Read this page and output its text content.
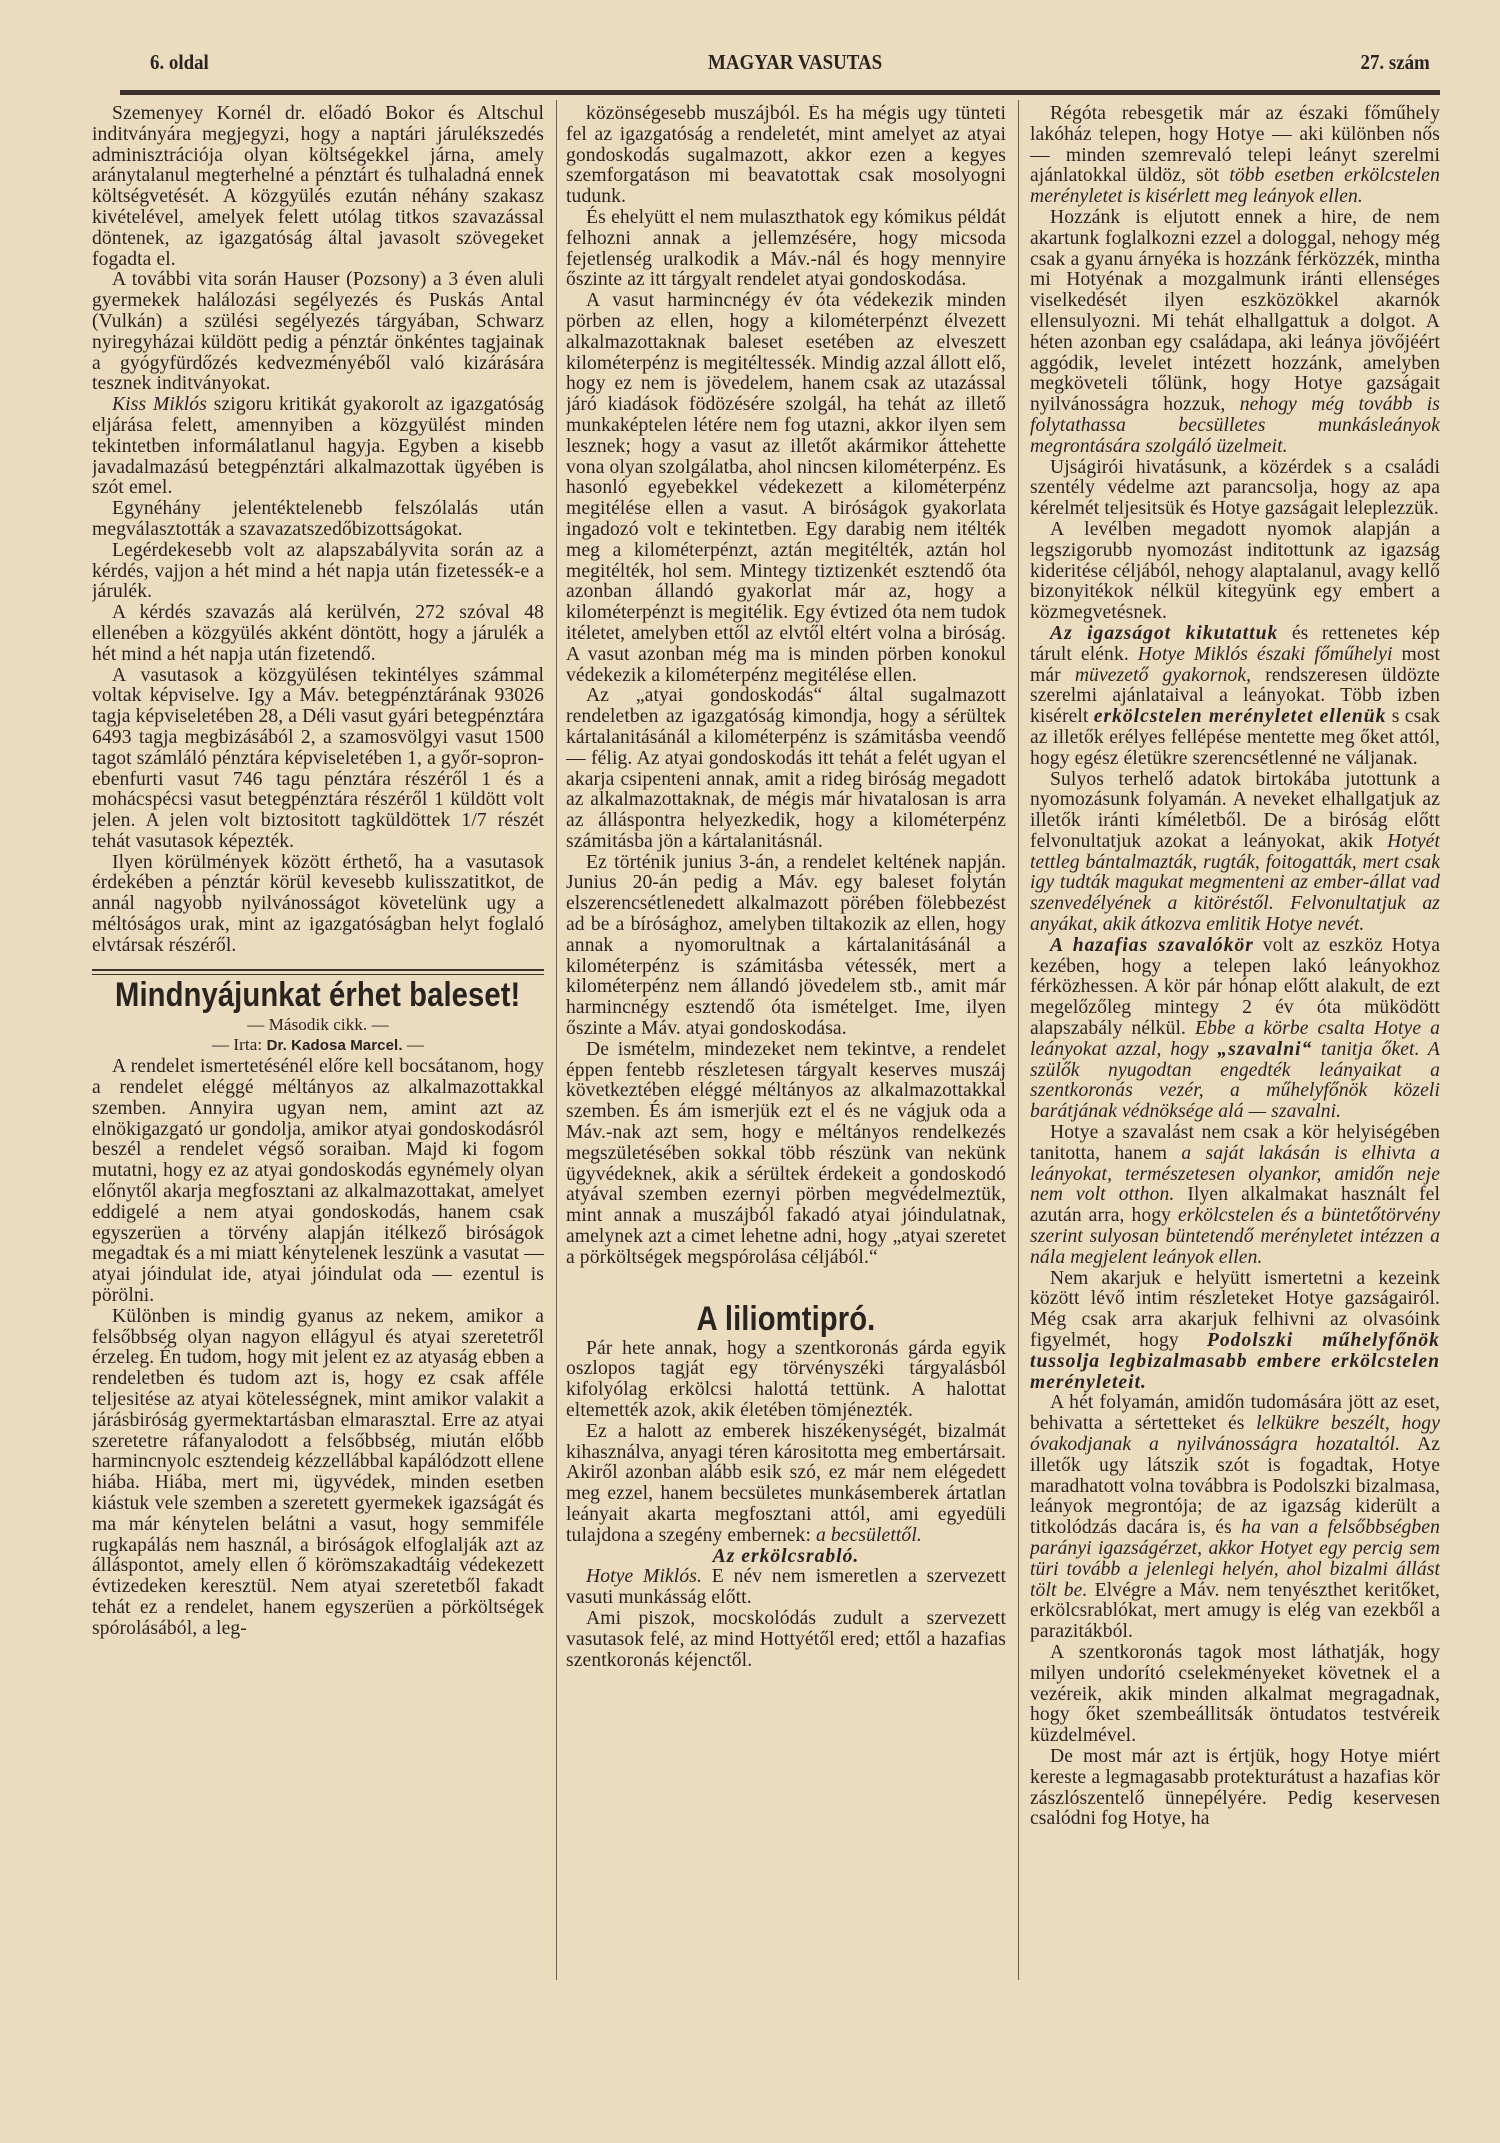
6. oldal	MAGYAR VASUTAS	27. szám

Szemenyey Kornél dr. előadó Bokor és Altschul inditványára megjegyzi, hogy a naptári járulékszedés adminisztrációja olyan költségekkel járna, amely aránytalanul megterhelné a pénztárt és tulhaladná ennek költségvetését. A közgyülés ezután néhány szakasz kivételével, amelyek felett utólag titkos szavazással döntenek, az igazgatóság által javasolt szövegeket fogadta el.

A további vita során Hauser (Pozsony) a 3 éven aluli gyermekek halálozási segélyezés és Puskás Antal (Vulkán) a szülési segélyezés tárgyában, Schwarz nyiregyházai küldött pedig a pénztár önkéntes tagjainak a gyógyfürdőzés kedvezményéből való kizárására tesznek inditványokat.

Kiss Miklós szigoru kritikát gyakorolt az igazgatóság eljárása felett, amennyiben a közgyülést minden tekintetben informálatlanul hagyja. Egyben a kisebb javadalmazású betegpénztári alkalmazottak ügyében is szót emel.

Egynéhány jelentéktelenebb felszólalás után megválasztották a szavazatszedőbizottságokat.

Legérdekesebb volt az alapszabályvita során az a kérdés, vajjon a hét mind a hét napja után fizetessék-e a járulék.

A kérdés szavazás alá kerülvén, 272 szóval 48 ellenében a közgyülés akként döntött, hogy a járulék a hét mind a hét napja után fizetendő.

A vasutasok a közgyülésen tekintélyes számmal voltak képviselve. Igy a Máv. betegpénztárának 93026 tagja képviseletében 28, a Déli vasut gyári betegpénztára 6493 tagja megbizásából 2, a szamosvölgyi vasut 1500 tagot számláló pénztára képviseletében 1, a győr-sopron-ebenfurti vasut 746 tagu pénztára részéről 1 és a mohácspécsi vasut betegpénztára részéről 1 küldött volt jelen. A jelen volt biztositott tagküldöttek 1/7 részét tehát vasutasok képezték.

Ilyen körülmények között érthető, ha a vasutasok érdekében a pénztár körül kevesebb kulisszatitkot, de annál nagyobb nyilvánosságot követelünk ugy a méltóságos urak, mint az igazgatóságban helyt foglaló elvtársak részéről.

Mindnyájunkat érhet baleset!

— Második cikk. —

— Irta: Dr. Kadosa Marcel. —

A rendelet ismertetésénél előre kell bocsátanom, hogy a rendelet eléggé méltányos az alkalmazottakkal szemben. Annyira ugyan nem, amint azt az elnökigazgató ur gondolja, amikor atyai gondoskodásról beszél a rendelet végső soraiban. Majd ki fogom mutatni, hogy ez az atyai gondoskodás egynémely olyan előnytől akarja megfosztani az alkalmazottakat, amelyet eddigelé a nem atyai gondoskodás, hanem csak egyszerüen a törvény alapján itélkező biróságok megadtak és a mi miatt kénytelenek leszünk a vasutat — atyai jóindulat ide, atyai jóindulat oda — ezentul is pörölni.

Különben is mindig gyanus az nekem, amikor a felsőbbség olyan nagyon ellágyul és atyai szeretetről érzeleg. Én tudom, hogy mit jelent ez az atyaság ebben a rendeletben és tudom azt is, hogy ez csak afféle teljesitése az atyai kötelességnek, mint amikor valakit a járásbiróság gyermektartásban elmarasztal. Erre az atyai szeretetre ráfanyalodott a felsőbbség, miután előbb harmincnyolc esztendeig kézzellábbal kapálódzott ellene hiába. Hiába, mert mi, ügyvédek, minden esetben kiástuk vele szemben a szeretett gyermekek igazságát és ma már kénytelen belátni a vasut, hogy semmiféle rugkapálás nem használ, a biróságok elfoglalják azt az álláspontot, amely ellen ő körömszakadtáig védekezett évtizedeken keresztül. Nem atyai szeretetből fakadt tehát ez a rendelet, hanem egyszerüen a pörköltségek spórolásából, a leg-

közönségesebb muszájból. És ha mégis ugy tünteti fel az igazgatóság a rendeletét, mint amelyet az atyai gondoskodás sugalmazott, akkor ezen a kegyes szemforgatáson mi beavatottak csak mosolyogni tudunk.

És ehelyütt el nem mulaszthatok egy kómikus példát felhozni annak a jellemzésére, hogy micsoda fejetlenség uralkodik a Máv.-nál és hogy mennyire őszinte az itt tárgyalt rendelet atyai gondoskodása.

A vasut harmincnégy év óta védekezik minden pörben az ellen, hogy a kilométerpénzt élvezett alkalmazottaknak baleset esetében az elveszett kilométerpénz is megitéltessék. Mindig azzal állott elő, hogy ez nem is jövedelem, hanem csak az utazással járó kiadások födözésére szolgál, ha tehát az illető munkaképtelen létére nem fog utazni, akkor ilyen sem lesznek; hogy a vasut az illetőt akármikor áttehette vona olyan szolgálatba, ahol nincsen kilométerpénz. Es hasonló egyebekkel védekezett a kilométerpénz megitélése ellen a vasut. A biróságok gyakorlata ingadozó volt e tekintetben. Egy darabig nem itélték meg a kilométerpénzt, aztán megitélték, aztán hol megitélték, hol sem. Mintegy tiztizenkét esztendő óta azonban állandó gyakorlat már az, hogy a kilométerpénzt is megitélik. Egy évtized óta nem tudok itéletet, amelyben ettől az elvtől eltért volna a biróság. A vasut azonban még ma is minden pörben konokul védekezik a kilométerpénz megitélése ellen.

Az „atyai gondoskodás“ által sugalmazott rendeletben az igazgatóság kimondja, hogy a sérültek kártalanitásánál a kilométerpénz is számitásba veendő — félig. Az atyai gondoskodás itt tehát a felét ugyan el akarja csipenteni annak, amit a rideg biróság megadott az alkalmazottaknak, de mégis már hivatalosan is arra az álláspontra helyezkedik, hogy a kilométerpénz számitásba jön a kártalanitásnál.

Ez történik junius 3-án, a rendelet keltének napján. Junius 20-án pedig a Máv. egy baleset folytán elszerencsétlenedett alkalmazott pörében fölebbezést ad be a bírósághoz, amelyben tiltakozik az ellen, hogy annak a nyomorultnak a kártalanitásánál a kilométerpénz is számitásba vétessék, mert a kilométerpénz nem állandó jövedelem stb., amit már harmincnégy esztendő óta ismételget. Ime, ilyen őszinte a Máv. atyai gondoskodása.

De ismételm, mindezeket nem tekintve, a rendelet éppen fentebb részletesen tárgyalt keserves muszáj következtében eléggé méltányos az alkalmazottakkal szemben. És ám ismerjük ezt el és ne vágjuk oda a Máv.-nak azt sem, hogy e méltányos rendelkezés megszületésében sokkal több részünk van nekünk ügyvédeknek, akik a sérültek érdekeit a gondoskodó atyával szemben ezernyi pörben megvédelmeztük, mint annak a muszájból fakadó atyai jóindulatnak, amelynek azt a cimet lehetne adni, hogy „atyai szeretet a pörköltségek megspórolása céljából.“

A liliomtipró.

Pár hete annak, hogy a szentkoronás gárda egyik oszlopos tagját egy törvényszéki tárgyalásból kifolyólag erkölcsi halottá tettünk. A halottat eltemették azok, akik életében tömjénezték.

Ez a halott az emberek hiszékenységét, bizalmát kihasználva, anyagi téren kárositotta meg embertársait. Akiről azonban alább esik szó, ez már nem elégedett meg ezzel, hanem becsületes munkásemberek ártatlan leányait akarta megfosztani attól, ami egyedüli tulajdona a szegény embernek: a becsülettől.

Az erkölcsrabló.

Hotye Miklós. E név nem ismeretlen a szervezett vasuti munkásság előtt.

Ami piszok, mocskolódás zudult a szervezett vasutasok felé, az mind Hottyétől ered; ettől a hazafias szentkoronás kéjenctől.

Régóta rebesgetik már az északi főműhely lakóház telepen, hogy Hotye — aki különben nős — minden szemrevaló telepi leányt szerelmi ajánlatokkal üldöz, söt több esetben erkölcstelen merényletet is kisérlett meg leányok ellen.

Hozzánk is eljutott ennek a hire, de nem akartunk foglalkozni ezzel a dologgal, nehogy még csak a gyanu árnyéka is hozzánk férközzék, mintha mi Hotyénak a mozgalmunk iránti ellenséges viselkedését ilyen eszközökkel akarnók ellensulyozni. Mi tehát elhallgattuk a dolgot. A héten azonban egy családapa, aki leánya jövőjéért aggódik, levelet intézett hozzánk, amelyben megköveteli tőlünk, hogy Hotye gazságait nyilvánosságra hozzuk, nehogy még tovább is folytathassa becsülletes munkásleányok megrontására szolgáló üzelmeit.

Ujságirói hivatásunk, a közérdek s a családi szentély védelme azt parancsolja, hogy az apa kérelmét teljesitsük és Hotye gazságait leleplezzük.

A levélben megadott nyomok alapján a legszigorubb nyomozást inditottunk az igazság kideritése céljából, nehogy alaptalanul, avagy kellő bizonyitékok nélkül kitegyünk egy embert a közmegvetésnek.

Az igazságot kikutattuk és rettenetes kép tárult elénk. Hotye Miklós északi főműhelyi most már müvezető gyakornok, rendszeresen üldözte szerelmi ajánlataival a leányokat. Több izben kisérelt erkölcstelen merényletet ellenük s csak az illetők erélyes fellépése mentette meg őket attól, hogy egész életükre szerencsétlenné ne váljanak.

Sulyos terhelő adatok birtokába jutottunk a nyomozásunk folyamán. A neveket elhallgatjuk az illetők iránti kíméletből. De a biróság előtt felvonultatjuk azokat a leányokat, akik Hotyét tettleg bántalmazták, rugták, foitogatták, mert csak igy tudták magukat megmenteni az ember-állat vad szenvedélyének a kitöréstől. Felvonultatjuk az anyákat, akik átkozva emlitik Hotye nevét.

A hazafias szavalókör volt az eszköz Hotya kezében, hogy a telepen lakó leányokhoz férközhessen. A kör pár hónap előtt alakult, de ezt megelőzőleg mintegy 2 év óta müködött alapszabály nélkül. Ebbe a körbe csalta Hotye a leányokat azzal, hogy „szavalni“ tanitja őket. A szülők nyugodtan engedték leányaikat a szentkoronás vezér, a műhelyfőnök közeli barátjának védnöksége alá — szavalni.

Hotye a szavalást nem csak a kör helyiségében tanitotta, hanem a saját lakásán is elhivta a leányokat, természetesen olyankor, amidőn neje nem volt otthon. Ilyen alkalmakat használt fel azután arra, hogy erkölcstelen és a büntetőtörvény szerint sulyosan büntetendő merényletet intézzen a nála megjelent leányok ellen.

Nem akarjuk e helyütt ismertetni a kezeink között lévő intim részleteket Hotye gazságairól. Még csak arra akarjuk felhivni az olvasóink figyelmét, hogy Podolszki műhelyfőnök tussolja legbizalmasabb embere erkölcstelen merényleteit.

A hét folyamán, amidőn tudomására jött az eset, behivatta a sértetteket és lelkükre beszélt, hogy óvakodjanak a nyilvánosságra hozataltól. Az illetők ugy látszik szót is fogadtak, Hotye maradhatott volna továbbra is Podolszki bizalmasa, leányok megrontója; de az igazság kiderült a titkolódzás dacára is, és ha van a felsőbbségben parányi igazságérzet, akkor Hotyet egy percig sem türi tovább a jelenlegi helyén, ahol bizalmi állást tölt be. Elvégre a Máv. nem tenyészthet keritőket, erkölcsrablókat, mert amugy is elég van ezekből a parazitákból.

A szentkoronás tagok most láthatják, hogy milyen undorító cselekményeket követnek el a vezéreik, akik minden alkalmat megragadnak, hogy őket szembeállitsák öntudatos testvéreik küzdelmével.

De most már azt is értjük, hogy Hotye miért kereste a legmagasabb protekturátust a hazafias kör zászlószentelő ünnepélyére. Pedig keservesen csalódni fog Hotye, ha
